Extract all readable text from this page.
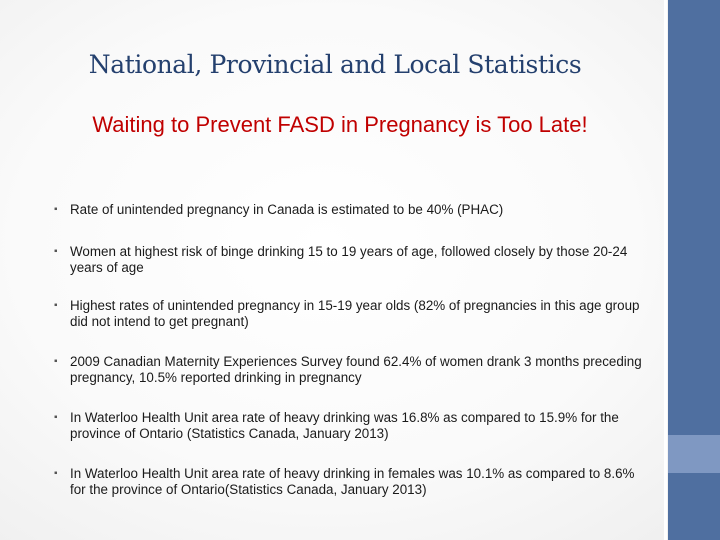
National, Provincial and Local Statistics
Waiting to Prevent FASD in Pregnancy is Too Late!
▪ Rate of unintended pregnancy in Canada is estimated to be 40% (PHAC)
▪ Women at highest risk of binge drinking 15 to 19 years of age, followed closely by those 20-24 years of age
▪ Highest rates of unintended pregnancy in 15-19 year olds (82% of pregnancies in this age group did not intend to get pregnant)
▪ 2009 Canadian Maternity Experiences Survey found 62.4% of women drank 3 months preceding pregnancy, 10.5% reported drinking in pregnancy
▪ In Waterloo Health Unit area rate of heavy drinking was 16.8% as compared to 15.9% for the province of Ontario (Statistics Canada, January 2013)
▪ In Waterloo Health Unit area rate of heavy drinking in females was 10.1% as compared to 8.6% for the province of Ontario(Statistics Canada, January 2013)
